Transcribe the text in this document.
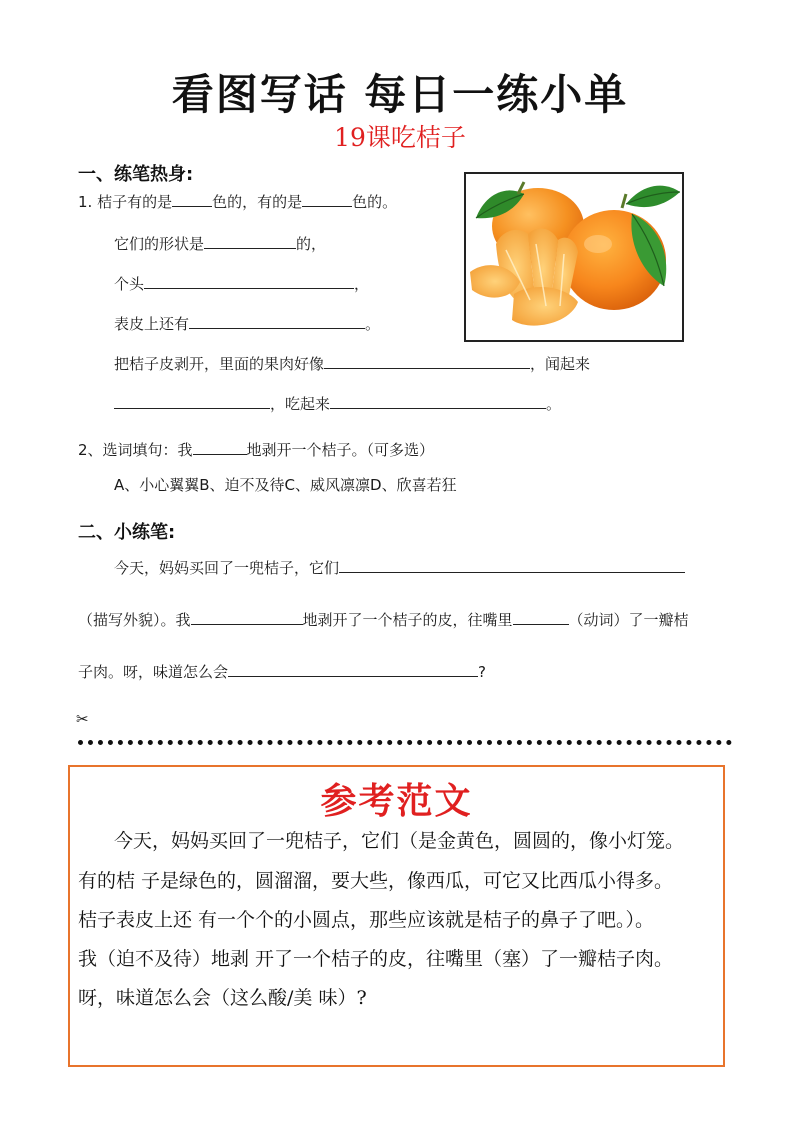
看图写话 每日一练小单
19课吃桔子
一、练笔热身:
1. 桔子有的是	色的，有的是	色的。
它们的形状是	的，
个头	，
表皮上还有	。
把桔子皮剥开，里面的果肉好像	，闻起来
，吃起来	。
2、选词填句：我	地剥开一个桔子。（可多选）
A、小心翼翼B、迫不及待C、威风凛凛D、欣喜若狂
二、小练笔:
今天，妈妈买回了一兜桔子，它们
（描写外貌）。我	地剥开了一个桔子的皮，往嘴里	（动词）了一瓣桔
子肉。呀，味道怎么会	?
✂
参考范文
今天，妈妈买回了一兜桔子，它们（是金黄色，圆圆的，像小灯笼。
有的桔 子是绿色的，圆溜溜，要大些，像西瓜，可它又比西瓜小得多。
桔子表皮上还 有一个个的小圆点，那些应该就是桔子的鼻子了吧。）。
我（迫不及待）地剥 开了一个桔子的皮，往嘴里（塞）了一瓣桔子肉。
呀，味道怎么会（这么酸/美 味）?
